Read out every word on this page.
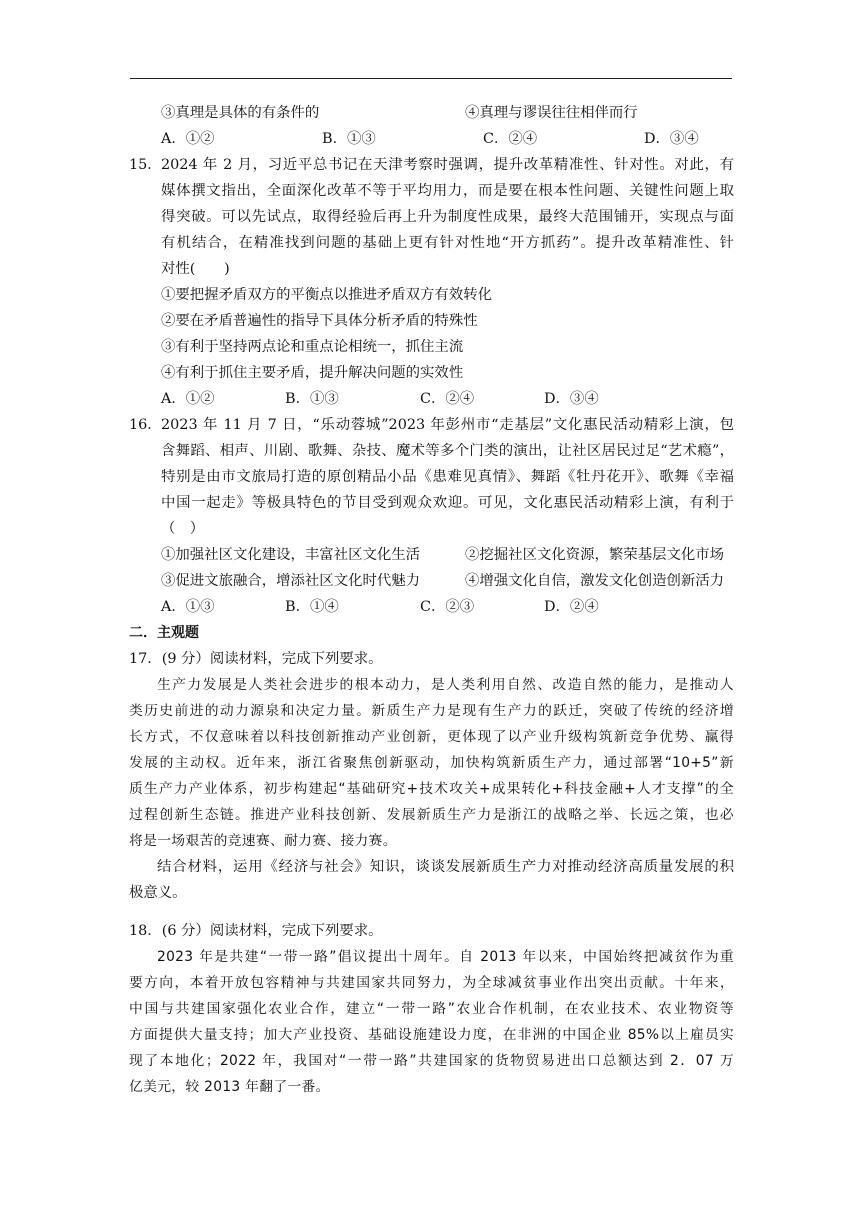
③真理是具体的有条件的	④真理与谬误往往相伴而行
A．①②	B．①③	C．②④	D．③④
15． 2024 年 2 月，习近平总书记在天津考察时强调，提升改革精准性、针对性。对此，有
媒体撰文指出，全面深化改革不等于平均用力，而是要在根本性问题、关键性问题上取
得突破。可以先试点，取得经验后再上升为制度性成果，最终大范围铺开，实现点与面
有机结合，在精准找到问题的基础上更有针对性地“开方抓药”。提升改革精准性、针
对性(　　)
①要把握矛盾双方的平衡点以推进矛盾双方有效转化
②要在矛盾普遍性的指导下具体分析矛盾的特殊性
③有利于坚持两点论和重点论相统一，抓住主流
④有利于抓住主要矛盾，提升解决问题的实效性
A．①②	B．①③	C．②④	D．③④
16． 2023 年 11 月 7 日，“乐动蓉城”2023 年彭州市“走基层”文化惠民活动精彩上演，包
含舞蹈、相声、川剧、歌舞、杂技、魔术等多个门类的演出，让社区居民过足“艺术瘾”，
特别是由市文旅局打造的原创精品小品《患难见真情》、舞蹈《牡丹花开》、歌舞《幸福
中国一起走》等极具特色的节目受到观众欢迎。可见，文化惠民活动精彩上演，有利于
（　）
①加强社区文化建设，丰富社区文化生活	②挖掘社区文化资源，繁荣基层文化市场
③促进文旅融合，增添社区文化时代魅力	④增强文化自信，激发文化创造创新活力
A．①③	B．①④	C．②③	D．②④
二．主观题
17．(9 分）阅读材料，完成下列要求。
生产力发展是人类社会进步的根本动力，是人类利用自然、改造自然的能力，是推动人
类历史前进的动力源泉和决定力量。新质生产力是现有生产力的跃迁，突破了传统的经济增
长方式，不仅意味着以科技创新推动产业创新，更体现了以产业升级构筑新竞争优势、赢得
发展的主动权。近年来，浙江省聚焦创新驱动，加快构筑新质生产力，通过部署“10+5”新
质生产力产业体系，初步构建起“基础研究+技术攻关+成果转化+科技金融+人才支撑”的全
过程创新生态链。推进产业科技创新、发展新质生产力是浙江的战略之举、长远之策，也必
将是一场艰苦的竞速赛、耐力赛、接力赛。
结合材料，运用《经济与社会》知识，谈谈发展新质生产力对推动经济高质量发展的积
极意义。
18．(6 分）阅读材料，完成下列要求。
2023 年是共建“一带一路”倡议提出十周年。自 2013 年以来，中国始终把减贫作为重
要方向，本着开放包容精神与共建国家共同努力，为全球减贫事业作出突出贡献。十年来，
中国与共建国家强化农业合作，建立“一带一路”农业合作机制，在农业技术、农业物资等
方面提供大量支持；加大产业投资、基础设施建设力度，在非洲的中国企业 85%以上雇员实
现了本地化；2022 年，我国对“一带一路”共建国家的货物贸易进出口总额达到 2．07 万
亿美元，较 2013 年翻了一番。
